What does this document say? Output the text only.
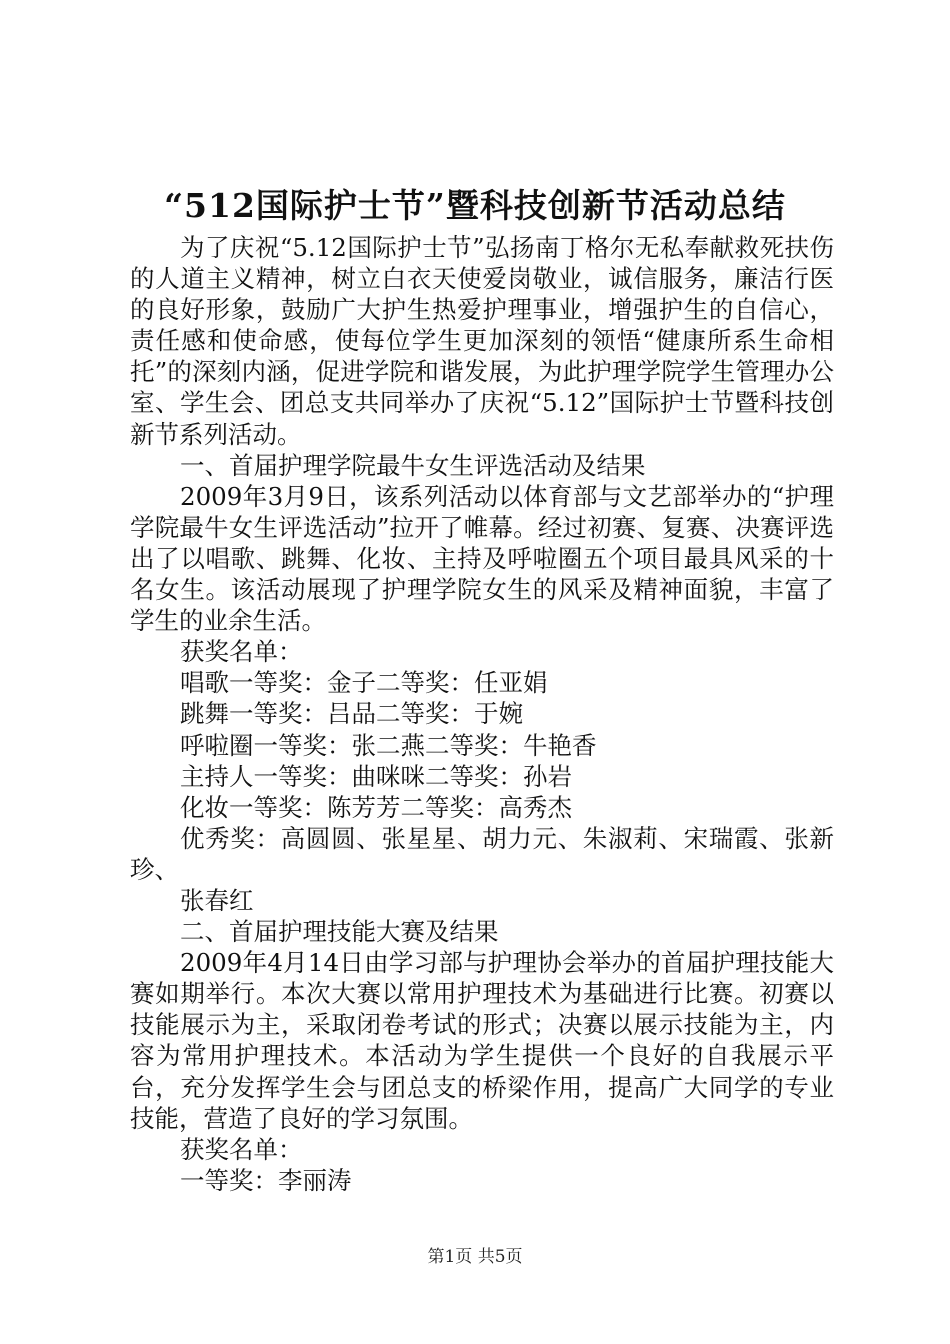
“512国际护士节”暨科技创新节活动总结

为了庆祝“5.12国际护士节”弘扬南丁格尔无私奉献救死扶伤的人道主义精神，树立白衣天使爱岗敬业，诚信服务，廉洁行医的良好形象，鼓励广大护生热爱护理事业，增强护生的自信心，责任感和使命感，使每位学生更加深刻的领悟“健康所系生命相托”的深刻内涵，促进学院和谐发展，为此护理学院学生管理办公室、学生会、团总支共同举办了庆祝“5.12”国际护士节暨科技创新节系列活动。

一、首届护理学院最牛女生评选活动及结果

2009年3月9日，该系列活动以体育部与文艺部举办的“护理学院最牛女生评选活动”拉开了帷幕。经过初赛、复赛、决赛评选出了以唱歌、跳舞、化妆、主持及呼啦圈五个项目最具风采的十名女生。该活动展现了护理学院女生的风采及精神面貌，丰富了学生的业余生活。

获奖名单：

唱歌一等奖：金子二等奖：任亚娟

跳舞一等奖：吕品二等奖：于婉

呼啦圈一等奖：张二燕二等奖：牛艳香

主持人一等奖：曲咪咪二等奖：孙岩

化妆一等奖：陈芳芳二等奖：高秀杰

优秀奖：高圆圆、张星星、胡力元、朱淑莉、宋瑞霞、张新珍、

张春红

二、首届护理技能大赛及结果

2009年4月14日由学习部与护理协会举办的首届护理技能大赛如期举行。本次大赛以常用护理技术为基础进行比赛。初赛以技能展示为主，采取闭卷考试的形式；决赛以展示技能为主，内容为常用护理技术。本活动为学生提供一个良好的自我展示平台，充分发挥学生会与团总支的桥梁作用，提高广大同学的专业技能，营造了良好的学习氛围。

获奖名单：

一等奖：李丽涛

第1页 共5页
